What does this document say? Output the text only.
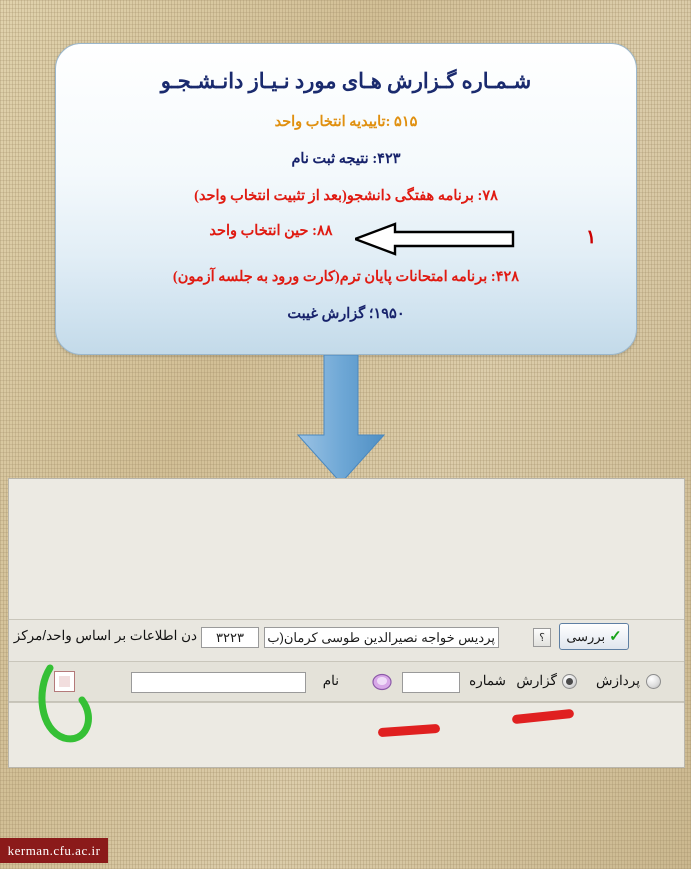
شـمـاره گـزارش هـای مورد نـیـاز دانـشـجـو
۵۱۵ :تاییدیه انتخاب واحد
۴۲۳: نتیجه ثبت نام
۷۸: برنامه هفتگی دانشجو(بعد از تثبیت انتخاب واحد)
۸۸: حین انتخاب واحد
۴۲۸: برنامه امتحانات پایان ترم(کارت ورود به جلسه آزمون)
۱۹۵۰؛ گزارش غیبت
۱
دن اطلاعات بر اساس واحد/مرکز	۳۲۲۳	پردیس خواجه نصیرالدین طوسی کرمان(ب	؟	✓
بررسی
پردازش
گزارش
شماره
نام
kerman.cfu.ac.ir
